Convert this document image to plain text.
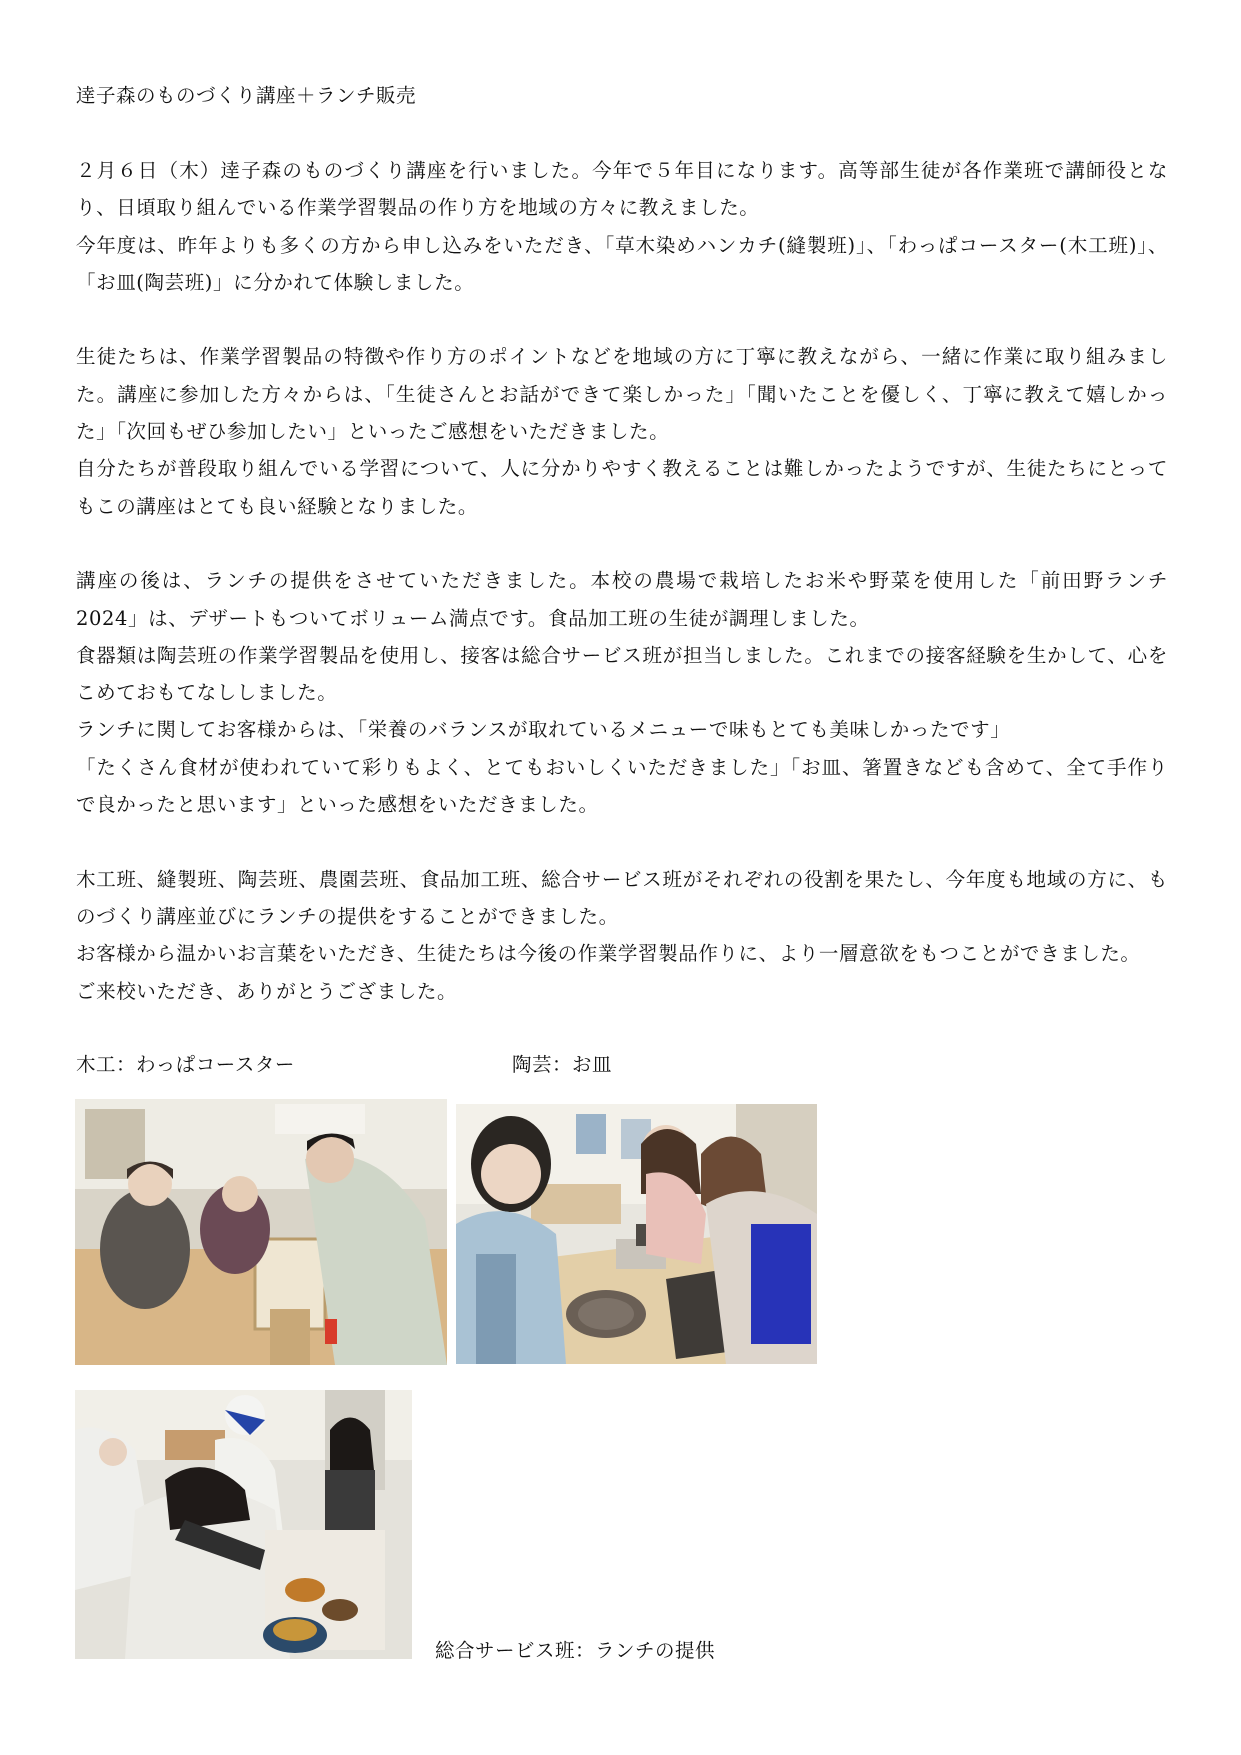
逹子森のものづくり講座＋ランチ販売

２月６日（木）逹子森のものづくり講座を行いました。今年で５年目になります。高等部生徒が各作業班で講師役となり、日頃取り組んでいる作業学習製品の作り方を地域の方々に教えました。

今年度は、昨年よりも多くの方から申し込みをいただき、「草木染めハンカチ(縫製班)」、「わっぱコースター(木工班)」、「お皿(陶芸班)」に分かれて体験しました。

生徒たちは、作業学習製品の特徴や作り方のポイントなどを地域の方に丁寧に教えながら、一緒に作業に取り組みました。講座に参加した方々からは、「生徒さんとお話ができて楽しかった」「聞いたことを優しく、丁寧に教えて嬉しかった」「次回もぜひ参加したい」といったご感想をいただきました。

自分たちが普段取り組んでいる学習について、人に分かりやすく教えることは難しかったようですが、生徒たちにとってもこの講座はとても良い経験となりました。

講座の後は、ランチの提供をさせていただきました。本校の農場で栽培したお米や野菜を使用した「前田野ランチ 2024」は、デザートもついてボリューム満点です。食品加工班の生徒が調理しました。

食器類は陶芸班の作業学習製品を使用し、接客は総合サービス班が担当しました。これまでの接客経験を生かして、心をこめておもてなししました。

ランチに関してお客様からは、「栄養のバランスが取れているメニューで味もとても美味しかったです」

「たくさん食材が使われていて彩りもよく、とてもおいしくいただきました」「お皿、箸置きなども含めて、全て手作りで良かったと思います」といった感想をいただきました。

木工班、縫製班、陶芸班、農園芸班、食品加工班、総合サービス班がそれぞれの役割を果たし、今年度も地域の方に、ものづくり講座並びにランチの提供をすることができました。

お客様から温かいお言葉をいただき、生徒たちは今後の作業学習製品作りに、より一層意欲をもつことができました。

ご来校いただき、ありがとうござました。

木工：わっぱコースター	陶芸：お皿
総合サービス班：ランチの提供
